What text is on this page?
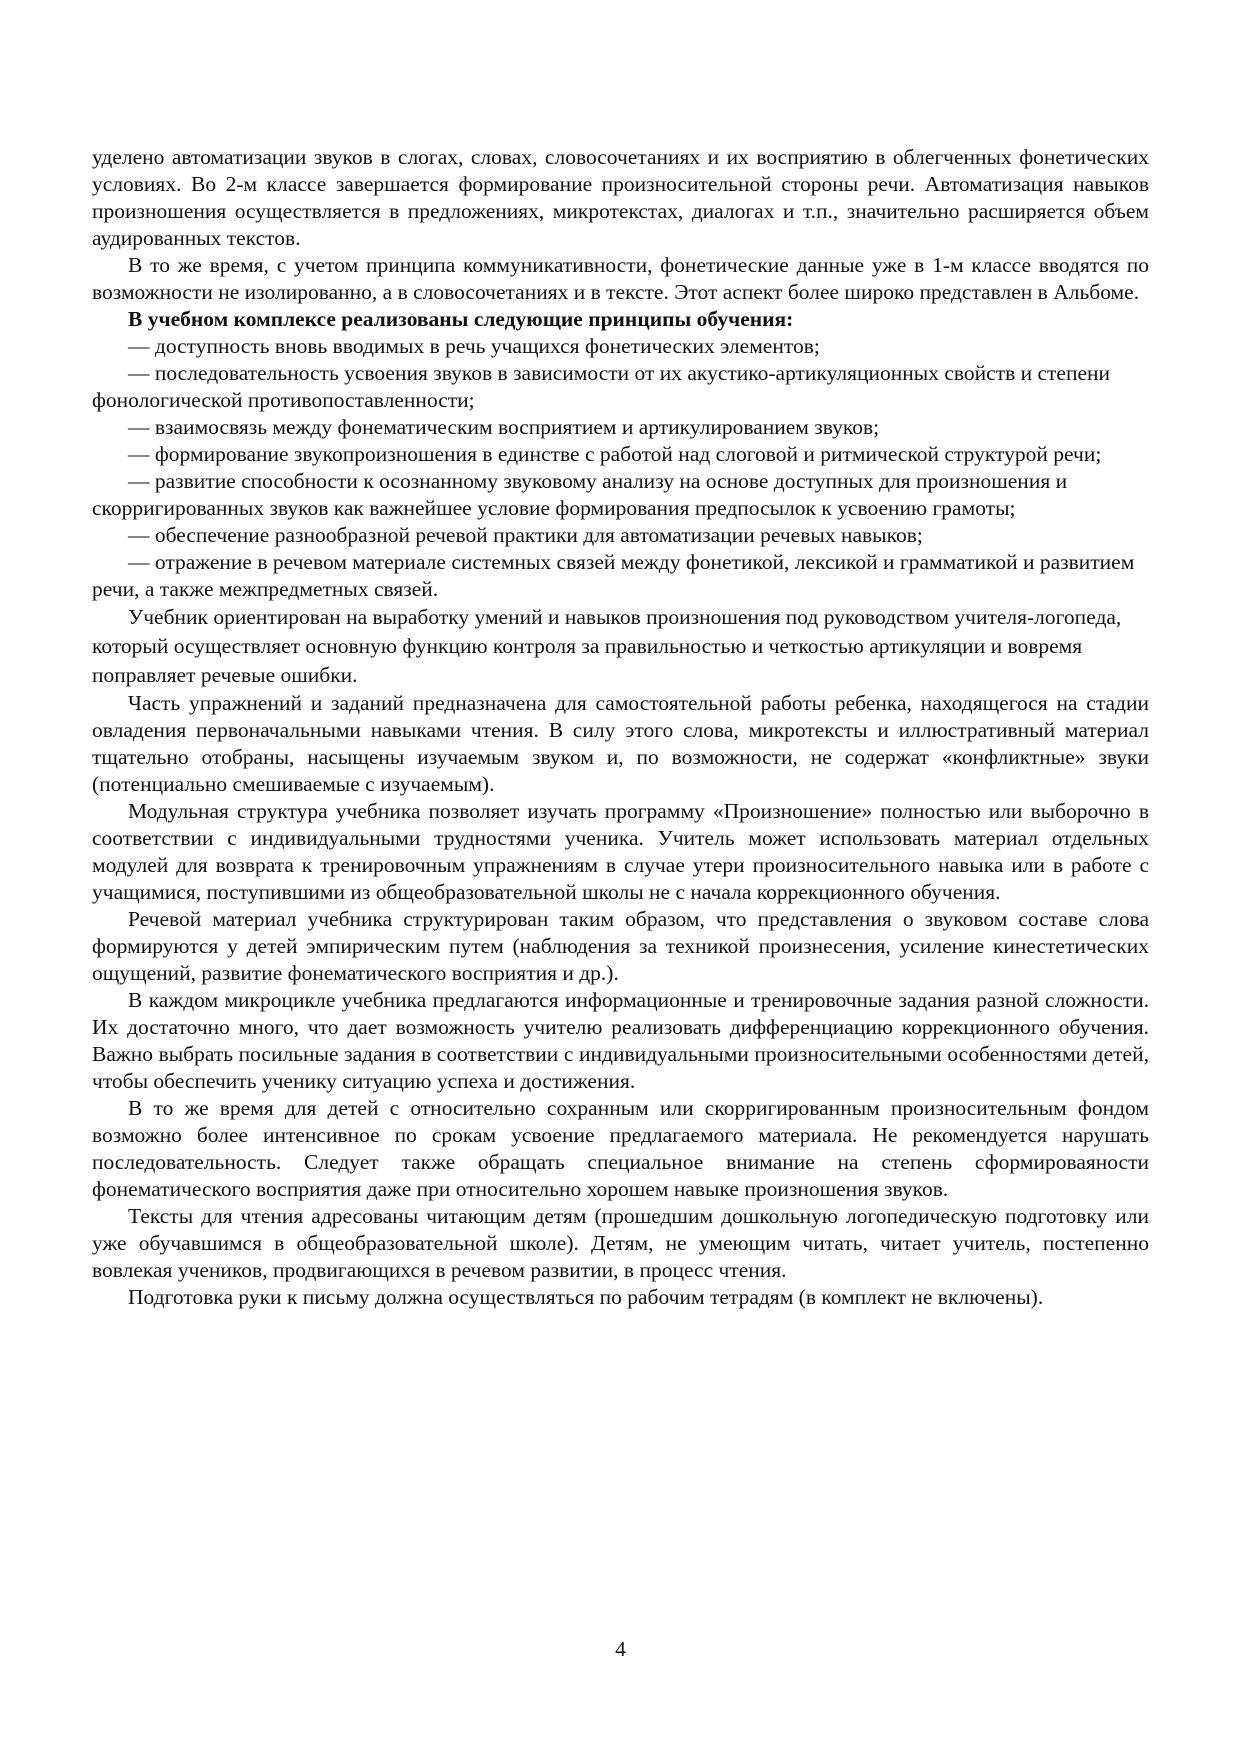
уделено автоматизации звуков в слогах, словах, словосочетаниях и их восприятию в облегченных фонетических условиях. Во 2-м классе завершается формирование произносительной стороны речи. Автоматизация навыков произношения осуществляется в предложениях, микротекстах, диалогах и т.п., значительно расширяется объем аудированных текстов.

В то же время, с учетом принципа коммуникативности, фонетические данные уже в 1-м классе вводятся по возможности не изолированно, а в словосочетаниях и в тексте. Этот аспект более широко представлен в Альбоме.

В учебном комплексе реализованы следующие принципы обучения:

— доступность вновь вводимых в речь учащихся фонетических элементов;

— последовательность усвоения звуков в зависимости от их акустико-артикуляционных свойств и степени фонологической противопоставленности;

— взаимосвязь между фонематическим восприятием и артикулированием звуков;

— формирование звукопроизношения в единстве с работой над слоговой и ритмической структурой речи;

— развитие способности к осознанному звуковому анализу на основе доступных для произношения и скорригированных звуков как важнейшее условие формирования предпосылок к усвоению грамоты;

— обеспечение разнообразной речевой практики для автоматизации речевых навыков;

— отражение в речевом материале системных связей между фонетикой, лексикой и грамматикой и развитием речи, а также межпредметных связей.

Учебник ориентирован на выработку умений и навыков произношения под руководством учителя-логопеда, который осуществляет основную функцию контроля за правильностью и четкостью артикуляции и вовремя поправляет речевые ошибки.

Часть упражнений и заданий предназначена для самостоятельной работы ребенка, находящегося на стадии овладения первоначальными навыками чтения. В силу этого слова, микротексты и иллюстративный материал тщательно отобраны, насыщены изучаемым звуком и, по возможности, не содержат «конфликтные» звуки (потенциально смешиваемые с изучаемым).

Модульная структура учебника позволяет изучать программу «Произношение» полностью или выборочно в соответствии с индивидуальными трудностями ученика. Учитель может использовать материал отдельных модулей для возврата к тренировочным упражнениям в случае утери произносительного навыка или в работе с учащимися, поступившими из общеобразовательной школы не с начала коррекционного обучения.

Речевой материал учебника структурирован таким образом, что представления о звуковом составе слова формируются у детей эмпирическим путем (наблюдения за техникой произнесения, усиление кинестетических ощущений, развитие фонематического восприятия и др.).

В каждом микроцикле учебника предлагаются информационные и тренировочные задания разной сложности. Их достаточно много, что дает возможность учителю реализовать дифференциацию коррекционного обучения. Важно выбрать посильные задания в соответствии с индивидуальными произносительными особенностями детей, чтобы обеспечить ученику ситуацию успеха и достижения.

В то же время для детей с относительно сохранным или скорригированным произносительным фондом возможно более интенсивное по срокам усвоение предлагаемого материала. Не рекомендуется нарушать последовательность. Следует также обращать специальное внимание на степень сформироваяности фонематического восприятия даже при относительно хорошем навыке произношения звуков.

Тексты для чтения адресованы читающим детям (прошедшим дошкольную логопедическую подготовку или уже обучавшимся в общеобразовательной школе). Детям, не умеющим читать, читает учитель, постепенно вовлекая учеников, продвигающихся в речевом развитии, в процесс чтения.

Подготовка руки к письму должна осуществляться по рабочим тетрадям (в комплект не включены).

4
